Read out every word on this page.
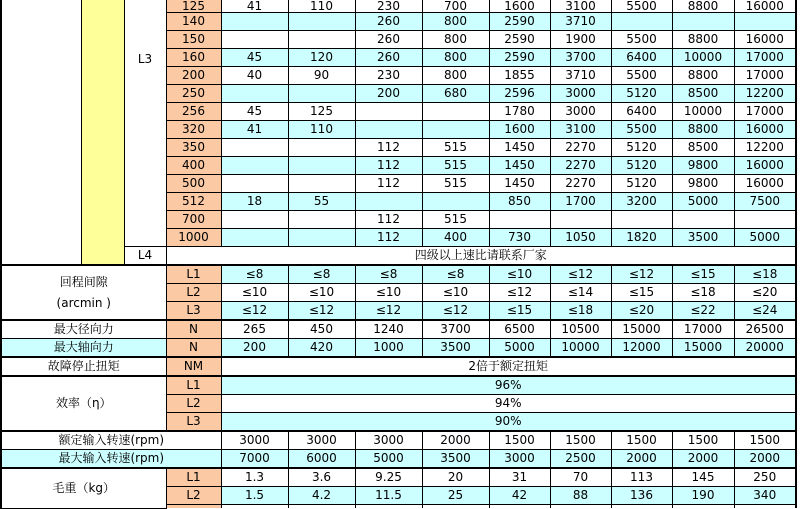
		L3	125	41	110	230	700	1600	3100	5500	8800	16000
			140			260	800	2590	3710			
			150			260	800	2590	1900	5500	8800	16000
			160	45	120	260	800	2590	3700	6400	10000	17000
			200	40	90	230	800	1855	3710	5500	8800	17000
			250			200	680	2596	3000	5120	8500	12200
			256	45	125			1780	3000	6400	10000	17000
			320	41	110			1600	3100	5500	8800	16000
			350			112	515	1450	2270	5120	8500	12200
			400			112	515	1450	2270	5120	9800	16000
			500			112	515	1450	2270	5120	9800	16000
			512	18	55			850	1700	3200	5000	7500
			700			112	515					
			1000			112	400	730	1050	1820	3500	5000
		L4	四级以上速比请联系厂家									

回程间隙
(arcmin )			L1	≤8	≤8	≤8	≤8	≤10	≤12	≤12	≤15	≤18
			L2	≤10	≤10	≤10	≤10	≤12	≤14	≤15	≤18	≤20
			L3	≤12	≤12	≤12	≤12	≤15	≤18	≤20	≤22	≤24
最大径向力			N	265	450	1240	3700	6500	10500	15000	17000	26500
最大轴向力			N	200	420	1000	3500	5000	10000	12000	15000	20000
故障停止扭矩			NM	2倍于额定扭矩								
效率（η）			L1	96%								
			L2	94%								
			L3	90%								
额定输入转速(rpm)				3000	3000	3000	2000	1500	1500	1500	1500	1500
最大输入转速(rpm)				7000	6000	5000	3500	3000	2500	2000	2000	2000
毛重（kg）			L1	1.3	3.6	9.25	20	31	70	113	145	250
			L2	1.5	4.2	11.5	25	42	88	136	190	340
